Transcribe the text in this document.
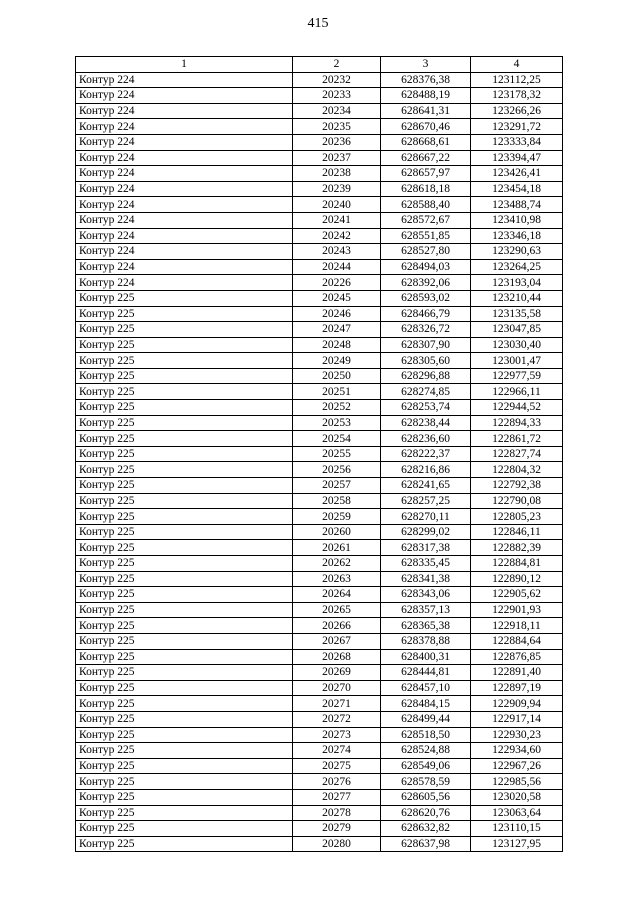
415
1	2	3	4
Контур 224	20232	628376,38	123112,25
Контур 224	20233	628488,19	123178,32
Контур 224	20234	628641,31	123266,26
Контур 224	20235	628670,46	123291,72
Контур 224	20236	628668,61	123333,84
Контур 224	20237	628667,22	123394,47
Контур 224	20238	628657,97	123426,41
Контур 224	20239	628618,18	123454,18
Контур 224	20240	628588,40	123488,74
Контур 224	20241	628572,67	123410,98
Контур 224	20242	628551,85	123346,18
Контур 224	20243	628527,80	123290,63
Контур 224	20244	628494,03	123264,25
Контур 224	20226	628392,06	123193,04
Контур 225	20245	628593,02	123210,44
Контур 225	20246	628466,79	123135,58
Контур 225	20247	628326,72	123047,85
Контур 225	20248	628307,90	123030,40
Контур 225	20249	628305,60	123001,47
Контур 225	20250	628296,88	122977,59
Контур 225	20251	628274,85	122966,11
Контур 225	20252	628253,74	122944,52
Контур 225	20253	628238,44	122894,33
Контур 225	20254	628236,60	122861,72
Контур 225	20255	628222,37	122827,74
Контур 225	20256	628216,86	122804,32
Контур 225	20257	628241,65	122792,38
Контур 225	20258	628257,25	122790,08
Контур 225	20259	628270,11	122805,23
Контур 225	20260	628299,02	122846,11
Контур 225	20261	628317,38	122882,39
Контур 225	20262	628335,45	122884,81
Контур 225	20263	628341,38	122890,12
Контур 225	20264	628343,06	122905,62
Контур 225	20265	628357,13	122901,93
Контур 225	20266	628365,38	122918,11
Контур 225	20267	628378,88	122884,64
Контур 225	20268	628400,31	122876,85
Контур 225	20269	628444,81	122891,40
Контур 225	20270	628457,10	122897,19
Контур 225	20271	628484,15	122909,94
Контур 225	20272	628499,44	122917,14
Контур 225	20273	628518,50	122930,23
Контур 225	20274	628524,88	122934,60
Контур 225	20275	628549,06	122967,26
Контур 225	20276	628578,59	122985,56
Контур 225	20277	628605,56	123020,58
Контур 225	20278	628620,76	123063,64
Контур 225	20279	628632,82	123110,15
Контур 225	20280	628637,98	123127,95
